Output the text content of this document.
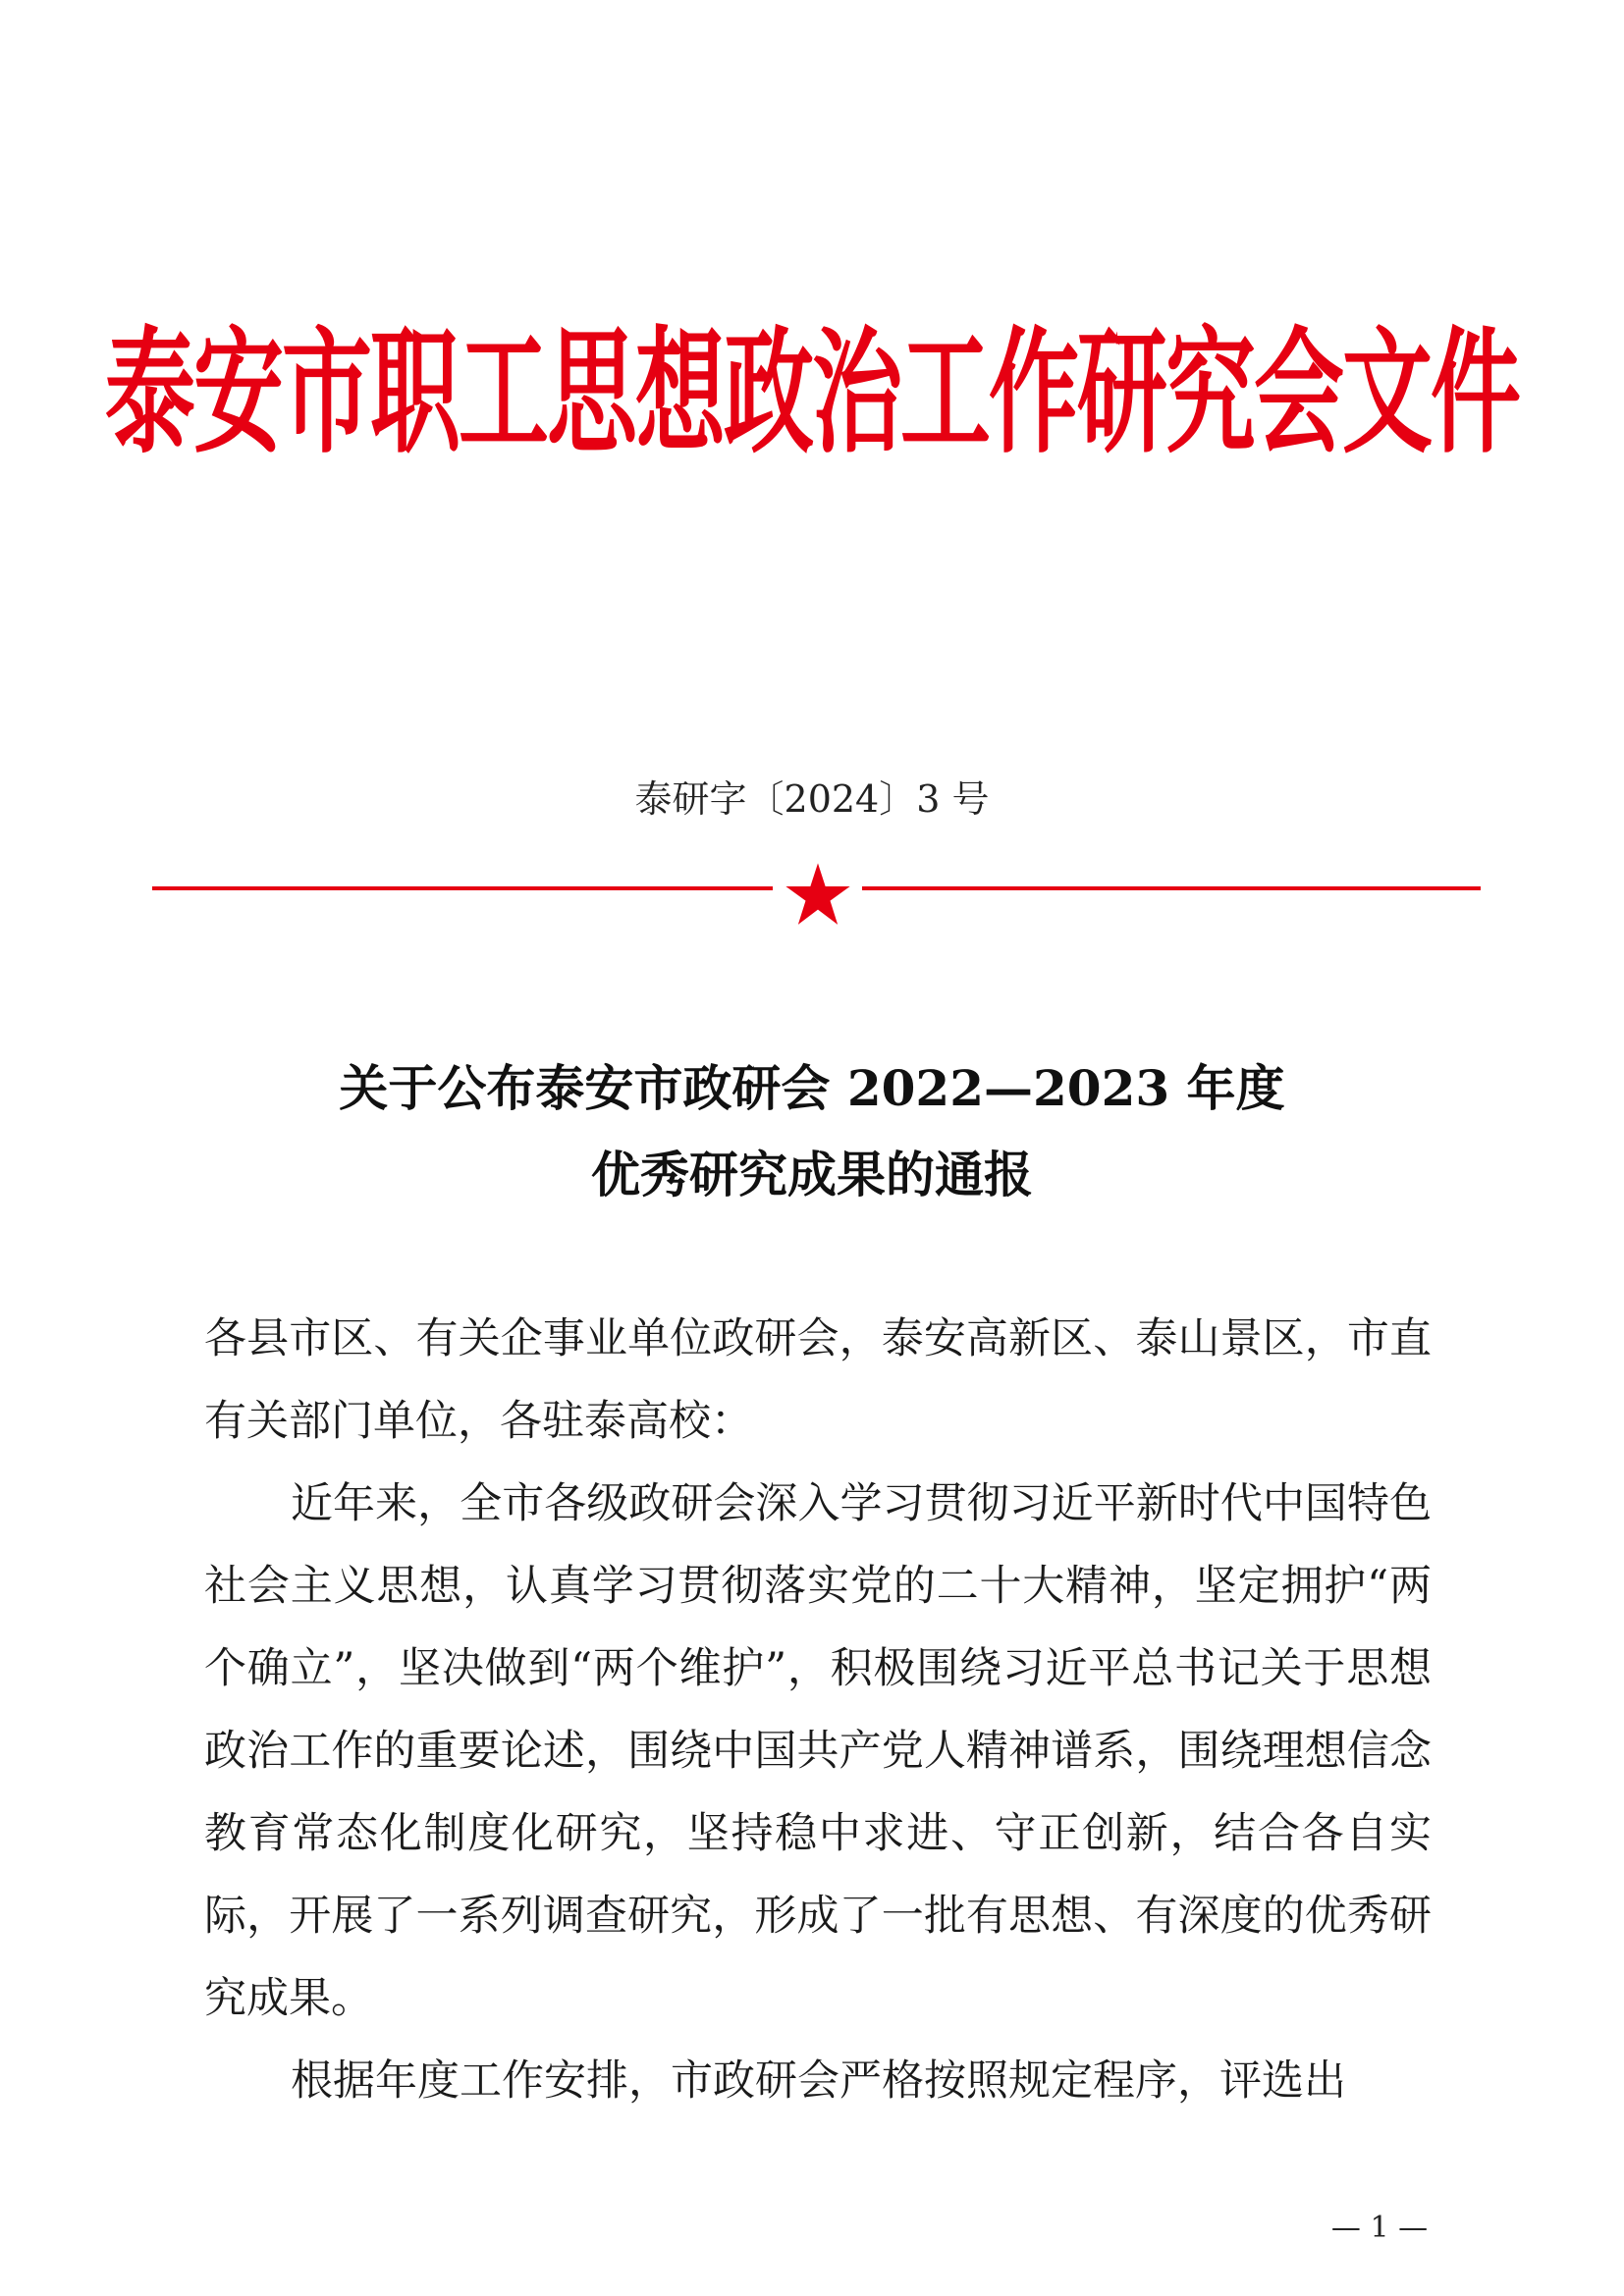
泰安市职工思想政治工作研究会文件
泰研字〔2024〕3 号
关于公布泰安市政研会 2022—2023 年度
优秀研究成果的通报

各县市区、有关企事业单位政研会，泰安高新区、泰山景区，市直有关部门单位，各驻泰高校：

近年来，全市各级政研会深入学习贯彻习近平新时代中国特色社会主义思想，认真学习贯彻落实党的二十大精神，坚定拥护“两个确立”，坚决做到“两个维护”，积极围绕习近平总书记关于思想政治工作的重要论述，围绕中国共产党人精神谱系，围绕理想信念教育常态化制度化研究，坚持稳中求进、守正创新，结合各自实际，开展了一系列调查研究，形成了一批有思想、有深度的优秀研究成果。

根据年度工作安排，市政研会严格按照规定程序，评选出

— 1 —
